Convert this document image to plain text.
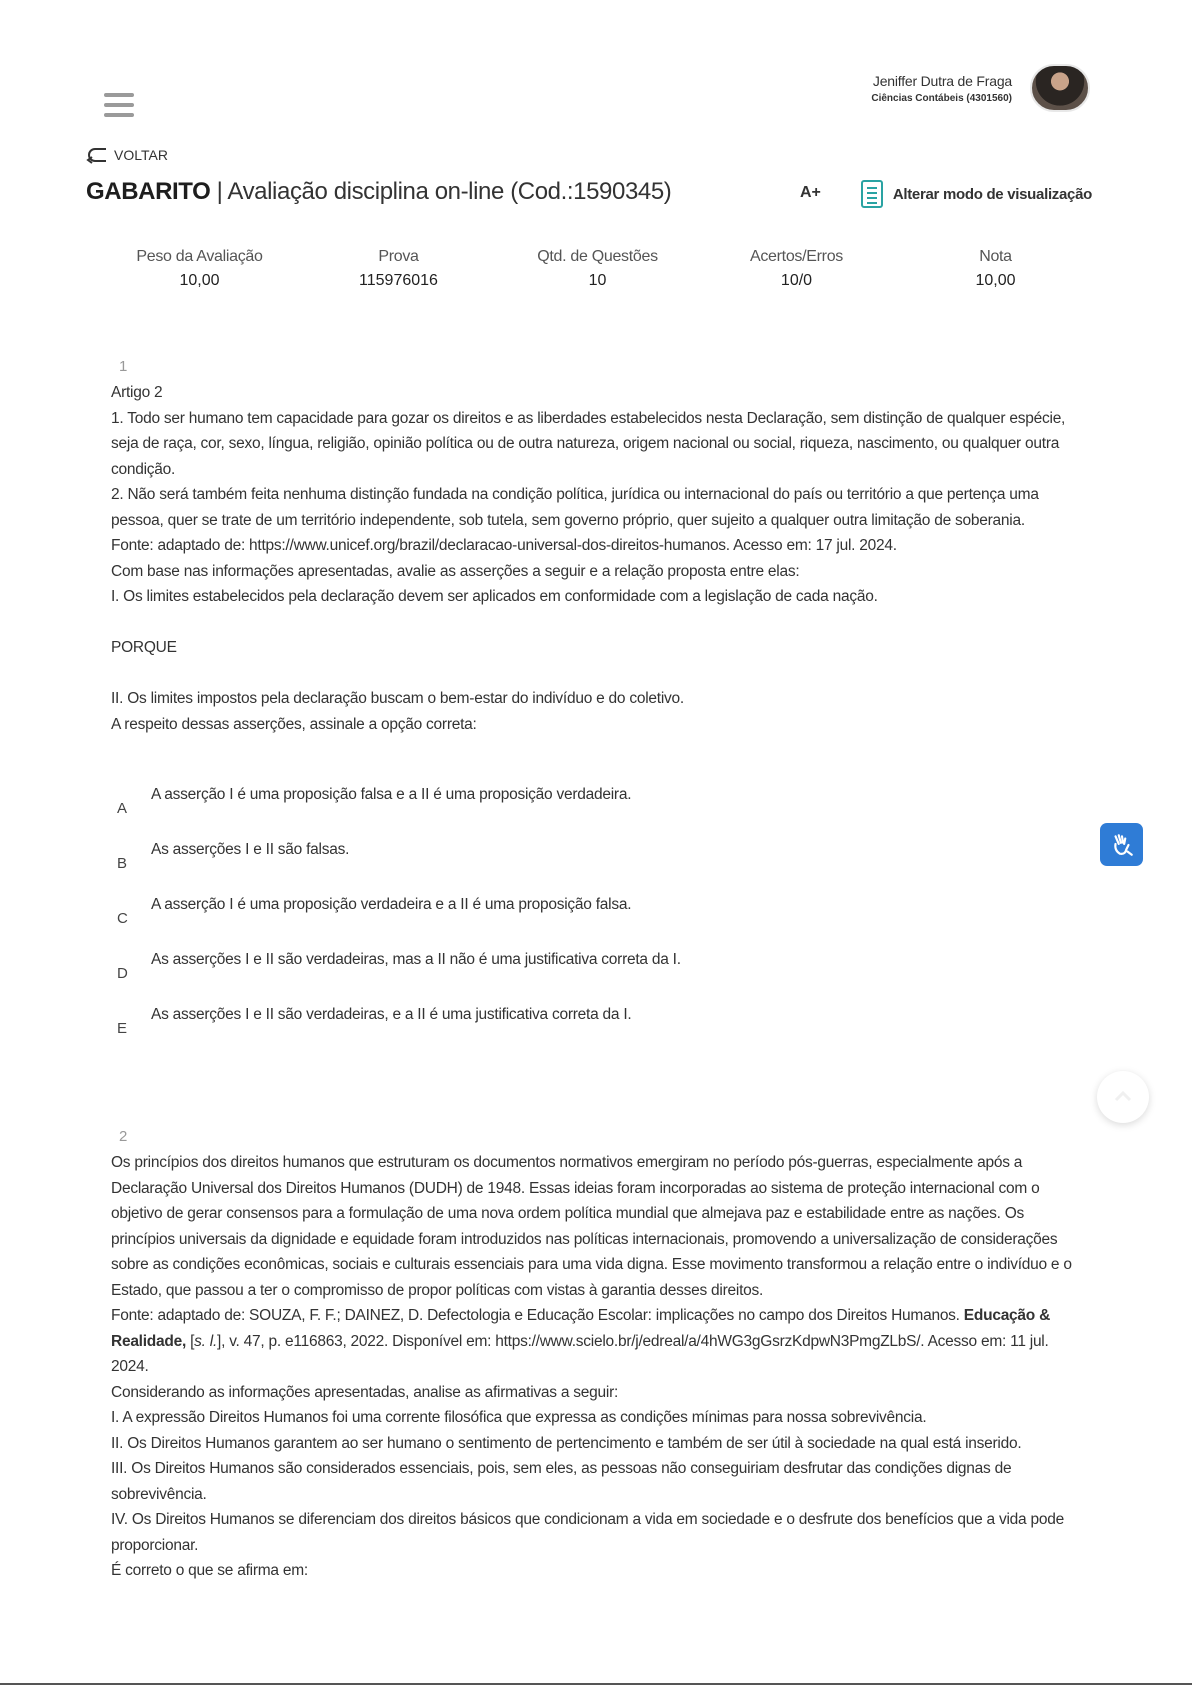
Jeniffer Dutra de Fraga
Ciências Contábeis (4301560)
VOLTAR
GABARITO | Avaliação disciplina on-line (Cod.:1590345)	A+	Alterar modo de visualização
Peso da Avaliação
10,00
Prova
115976016
Qtd. de Questões
10
Acertos/Erros
10/0
Nota
10,00
1

Artigo 2

1. Todo ser humano tem capacidade para gozar os direitos e as liberdades estabelecidos nesta Declaração, sem distinção de qualquer espécie, seja de raça, cor, sexo, língua, religião, opinião política ou de outra natureza, origem nacional ou social, riqueza, nascimento, ou qualquer outra condição.

2. Não será também feita nenhuma distinção fundada na condição política, jurídica ou internacional do país ou território a que pertença uma pessoa, quer se trate de um território independente, sob tutela, sem governo próprio, quer sujeito a qualquer outra limitação de soberania.

Fonte: adaptado de: https://www.unicef.org/brazil/declaracao-universal-dos-direitos-humanos. Acesso em: 17 jul. 2024.

Com base nas informações apresentadas, avalie as asserções a seguir e a relação proposta entre elas:

I. Os limites estabelecidos pela declaração devem ser aplicados em conformidade com a legislação de cada nação.

PORQUE

II. Os limites impostos pela declaração buscam o bem-estar do indivíduo e do coletivo.

A respeito dessas asserções, assinale a opção correta:

A
A asserção I é uma proposição falsa e a II é uma proposição verdadeira.
B
As asserções I e II são falsas.
C
A asserção I é uma proposição verdadeira e a II é uma proposição falsa.
D
As asserções I e II são verdadeiras, mas a II não é uma justificativa correta da I.
E
As asserções I e II são verdadeiras, e a II é uma justificativa correta da I.
2

Os princípios dos direitos humanos que estruturam os documentos normativos emergiram no período pós-guerras, especialmente após a Declaração Universal dos Direitos Humanos (DUDH) de 1948. Essas ideias foram incorporadas ao sistema de proteção internacional com o objetivo de gerar consensos para a formulação de uma nova ordem política mundial que almejava paz e estabilidade entre as nações. Os princípios universais da dignidade e equidade foram introduzidos nas políticas internacionais, promovendo a universalização de considerações sobre as condições econômicas, sociais e culturais essenciais para uma vida digna. Esse movimento transformou a relação entre o indivíduo e o Estado, que passou a ter o compromisso de propor políticas com vistas à garantia desses direitos.

Fonte: adaptado de: SOUZA, F. F.; DAINEZ, D. Defectologia e Educação Escolar: implicações no campo dos Direitos Humanos. Educação & Realidade, [s. l.], v. 47, p. e116863, 2022. Disponível em: https://www.scielo.br/j/edreal/a/4hWG3gGsrzKdpwN3PmgZLbS/. Acesso em: 11 jul. 2024.

Considerando as informações apresentadas, analise as afirmativas a seguir:

I. A expressão Direitos Humanos foi uma corrente filosófica que expressa as condições mínimas para nossa sobrevivência.

II. Os Direitos Humanos garantem ao ser humano o sentimento de pertencimento e também de ser útil à sociedade na qual está inserido.

III. Os Direitos Humanos são considerados essenciais, pois, sem eles, as pessoas não conseguiriam desfrutar das condições dignas de sobrevivência.

IV. Os Direitos Humanos se diferenciam dos direitos básicos que condicionam a vida em sociedade e o desfrute dos benefícios que a vida pode proporcionar.

É correto o que se afirma em:
